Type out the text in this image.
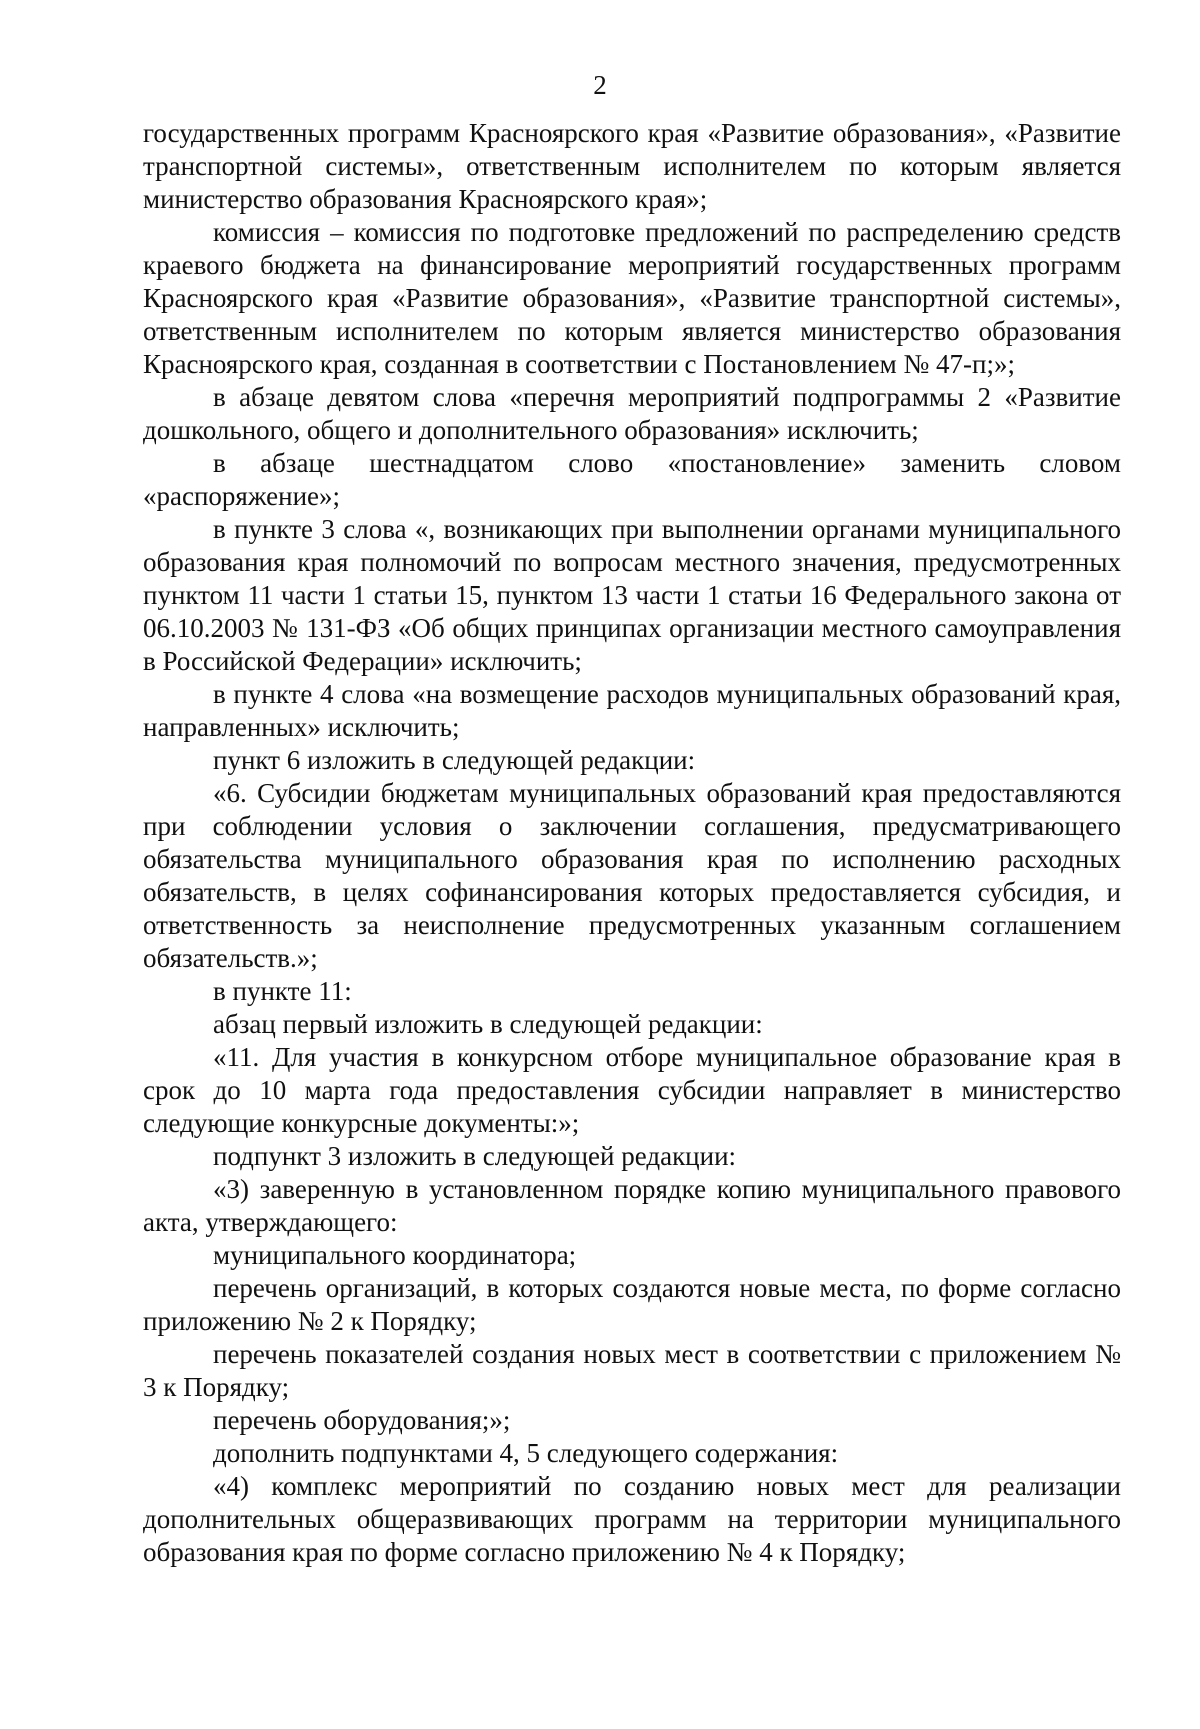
2

государственных программ Красноярского края «Развитие образования», «Развитие транспортной системы», ответственным исполнителем по которым является министерство образования Красноярского края»;

комиссия – комиссия по подготовке предложений по распределению средств краевого бюджета на финансирование мероприятий государственных программ Красноярского края «Развитие образования», «Развитие транспортной системы», ответственным исполнителем по которым является министерство образования Красноярского края, созданная в соответствии с Постановлением № 47-п;»;

в абзаце девятом слова «перечня мероприятий подпрограммы 2 «Развитие дошкольного, общего и дополнительного образования» исключить;

в абзаце шестнадцатом слово «постановление» заменить словом «распоряжение»;

в пункте 3 слова «, возникающих при выполнении органами муниципального образования края полномочий по вопросам местного значения, предусмотренных пунктом 11 части 1 статьи 15, пунктом 13 части 1 статьи 16 Федерального закона от 06.10.2003 № 131-ФЗ «Об общих принципах организации местного самоуправления в Российской Федерации» исключить;

в пункте 4 слова «на возмещение расходов муниципальных образований края, направленных» исключить;

пункт 6 изложить в следующей редакции:

«6. Субсидии бюджетам муниципальных образований края предоставляются при соблюдении условия о заключении соглашения, предусматривающего обязательства муниципального образования края по исполнению расходных обязательств, в целях софинансирования которых предоставляется субсидия, и ответственность за неисполнение предусмотренных указанным соглашением обязательств.»;

в пункте 11:

абзац первый изложить в следующей редакции:

«11. Для участия в конкурсном отборе муниципальное образование края в срок до 10 марта года предоставления субсидии направляет в министерство следующие конкурсные документы:»;

подпункт 3 изложить в следующей редакции:

«3) заверенную в установленном порядке копию муниципального правового акта, утверждающего:

муниципального координатора;

перечень организаций, в которых создаются новые места, по форме согласно приложению № 2 к Порядку;

перечень показателей создания новых мест в соответствии с приложением № 3 к Порядку;

перечень оборудования;»;

дополнить подпунктами 4, 5 следующего содержания:

«4) комплекс мероприятий по созданию новых мест для реализации дополнительных общеразвивающих программ на территории муниципального образования края по форме согласно приложению № 4 к Порядку;
